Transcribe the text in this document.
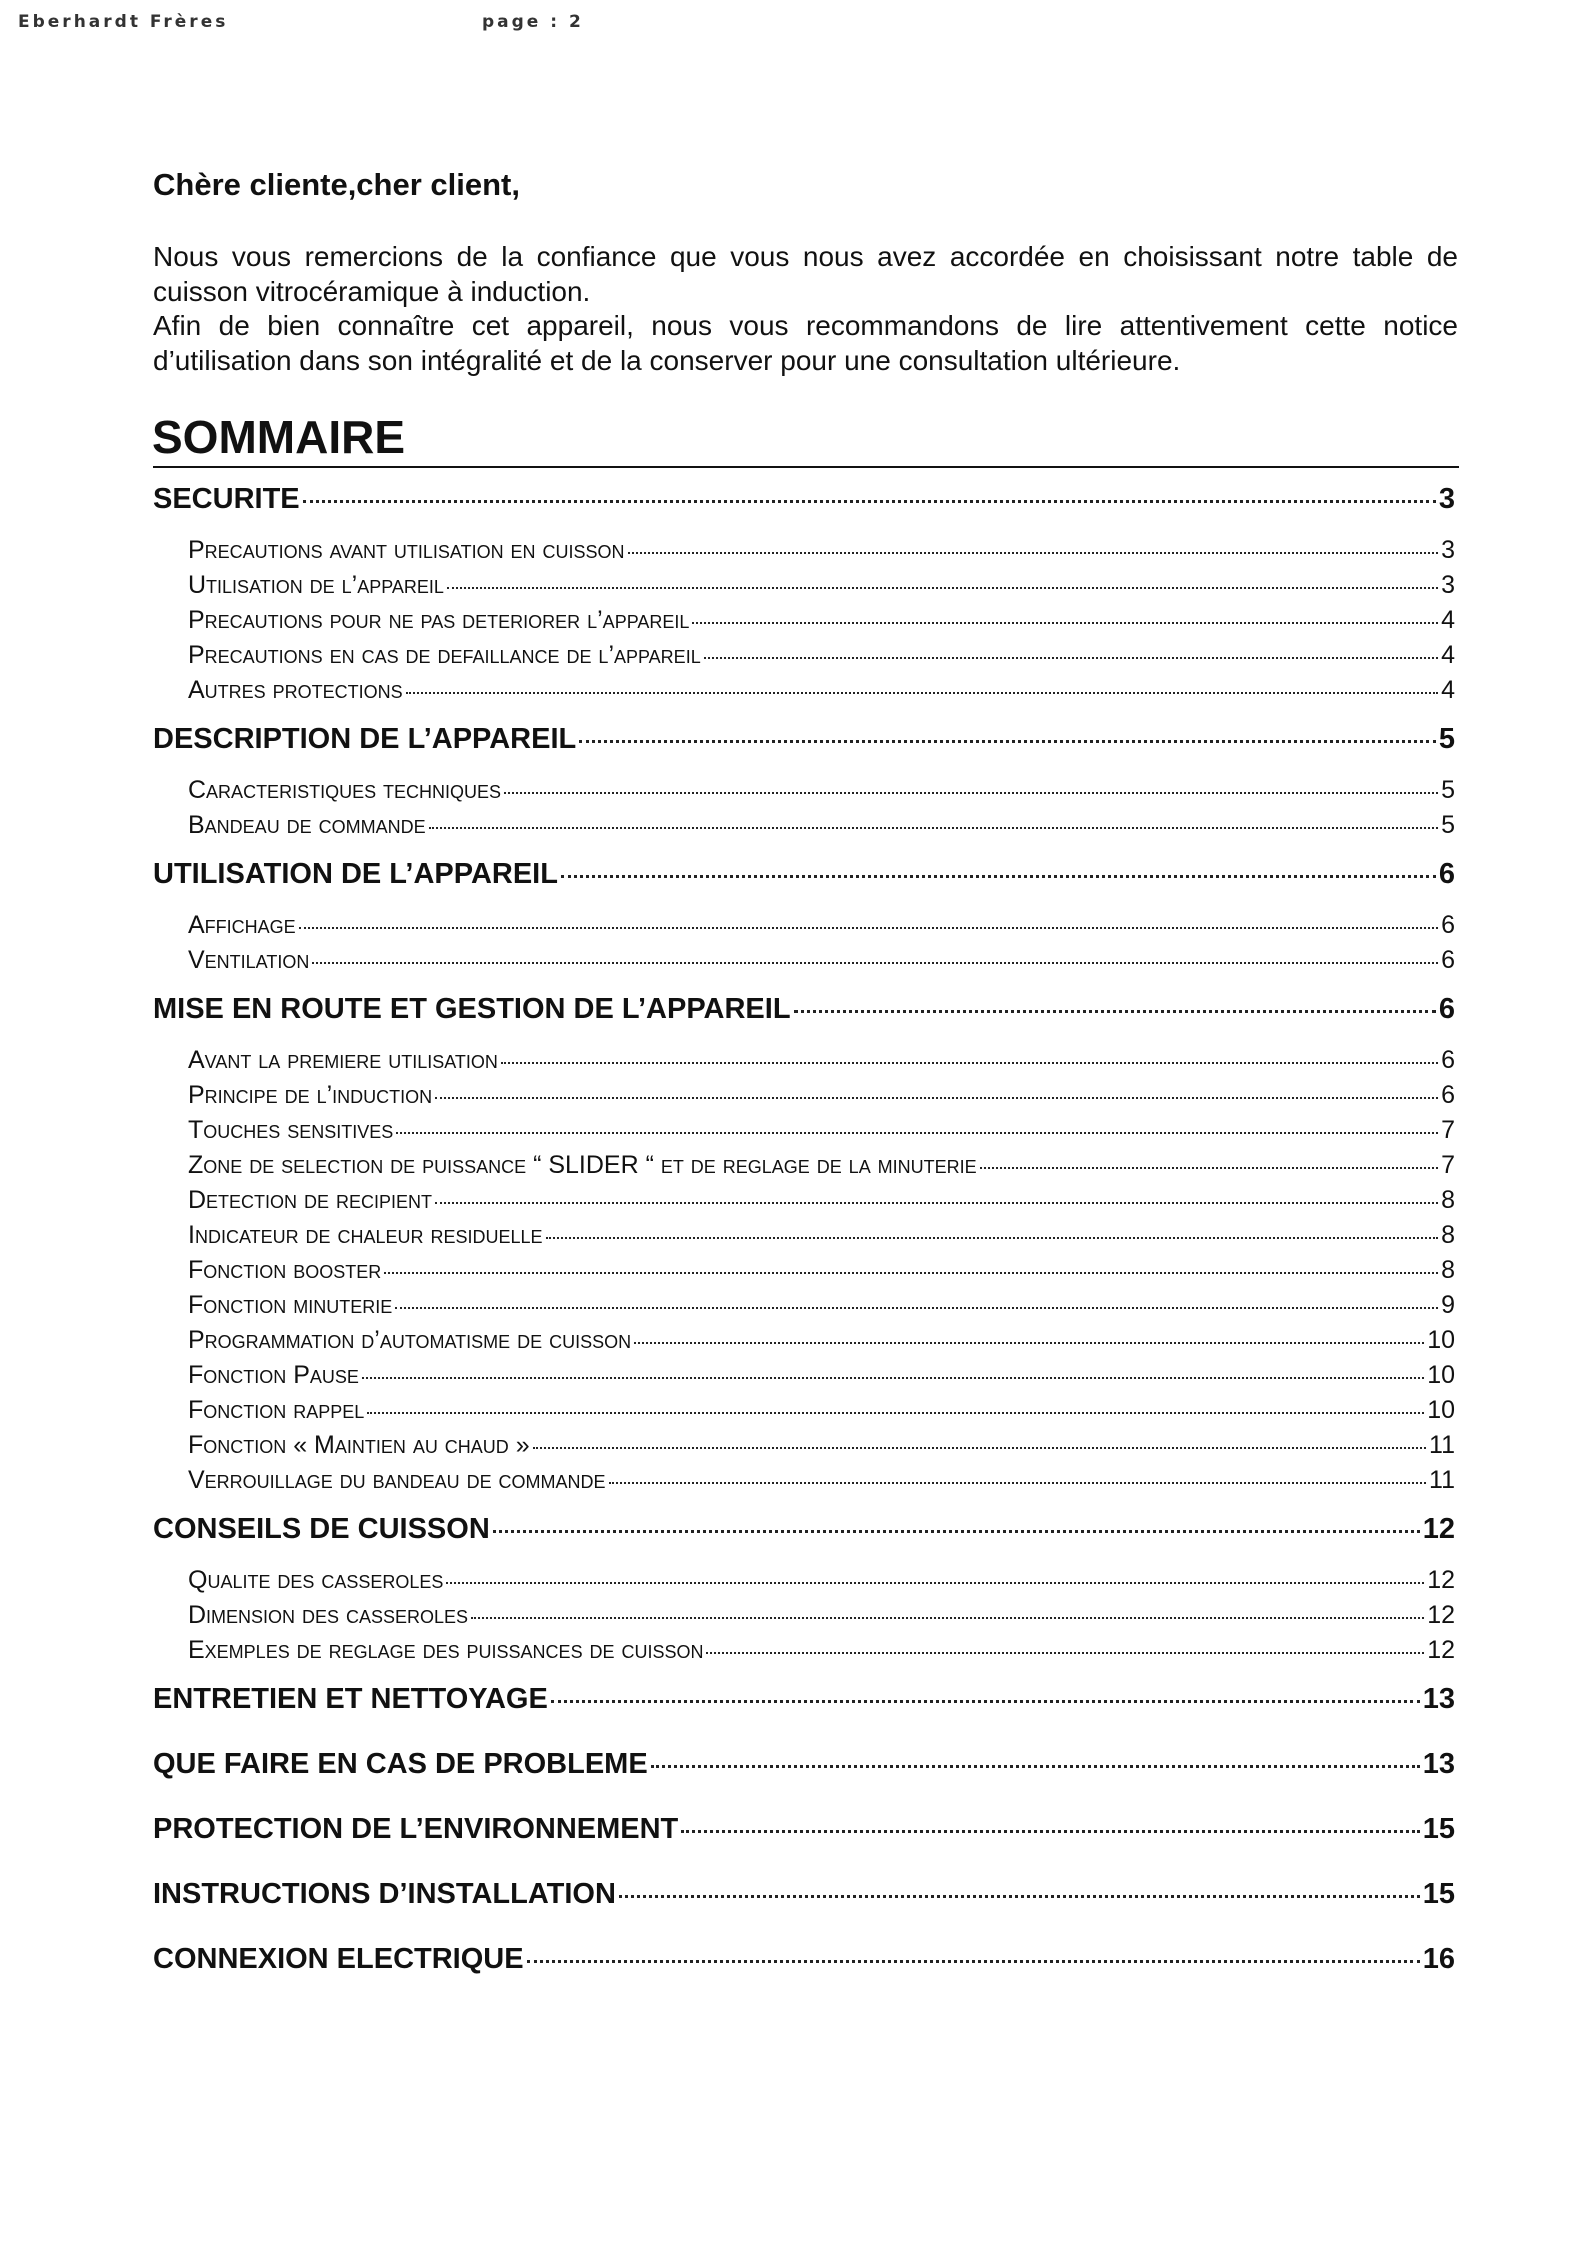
Eberhardt Frères	page : 2
Chère cliente,cher client,

Nous vous remercions de la confiance que vous nous avez accordée en choisissant notre table de cuisson vitrocéramique à induction.

Afin de bien connaître cet appareil, nous vous recommandons de lire attentivement cette notice d’utilisation dans son intégralité et de la conserver pour une consultation ultérieure.

SOMMAIRE
SECURITE	3
Precautions avant utilisation en cuisson	3
Utilisation de l’appareil	3
Precautions pour ne pas deteriorer l’appareil	4
Precautions en cas de defaillance de l’appareil	4
Autres protections	4
DESCRIPTION DE L’APPAREIL	5
Caracteristiques techniques	5
Bandeau de commande	5
UTILISATION DE L’APPAREIL	6
Affichage	6
Ventilation	6
MISE EN ROUTE ET GESTION DE L’APPAREIL	6
Avant la premiere utilisation	6
Principe de l’induction	6
Touches sensitives	7
Zone de selection de puissance “ SLIDER “ et de reglage de la minuterie	7
Detection de recipient	8
Indicateur de chaleur residuelle	8
Fonction booster	8
Fonction minuterie	9
Programmation d’automatisme de cuisson	10
Fonction Pause	10
Fonction rappel	10
Fonction « Maintien au chaud »	11
Verrouillage du bandeau de commande	11
CONSEILS DE CUISSON	12
Qualite des casseroles	12
Dimension des casseroles	12
Exemples de reglage des puissances de cuisson	12
ENTRETIEN ET NETTOYAGE	13
QUE FAIRE EN CAS DE PROBLEME	13
PROTECTION DE L’ENVIRONNEMENT	15
INSTRUCTIONS D’INSTALLATION	15
CONNEXION ELECTRIQUE	16
